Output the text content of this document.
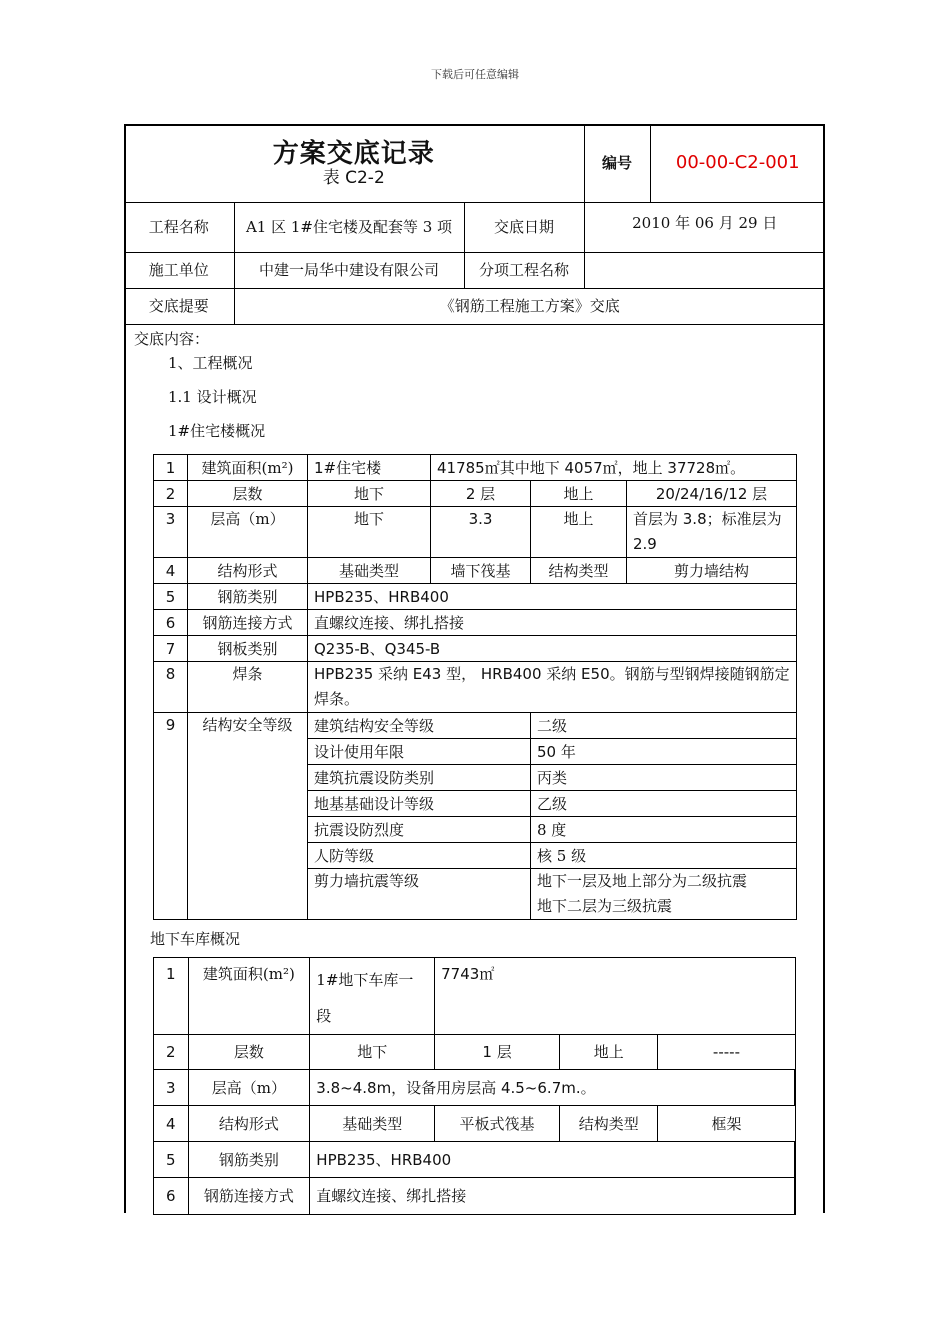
下载后可任意编辑
方案交底记录
表 C2-2			编号	00-00-C2-001
工程名称	A1 区 1#住宅楼及配套等 3 项	交底日期	2010 年 06 月 29 日	
施工单位	中建一局华中建设有限公司	分项工程名称		
交底提要	《钢筋工程施工方案》交底			
交底内容：
1、工程概况
1.1 设计概况
1#住宅楼概况
1	建筑面积(m²)	1#住宅楼	41785㎡其中地下 4057㎡，地上 37728㎡。		
2	层数	地下	2 层	地上	20/24/16/12 层
3	层高（m）	地下	3.3	地上	首层为 3.8；标准层为 2.9
4	结构形式	基础类型	墙下筏基	结构类型	剪力墙结构
5	钢筋类别	HPB235、HRB400			
6	钢筋连接方式	直螺纹连接、绑扎搭接			
7	钢板类别	Q235-B、Q345-B			
8	焊条	HPB235 采纳 E43 型， HRB400 采纳 E50。钢筋与型钢焊接随钢筋定焊条。			
9	结构安全等级	建筑结构安全等级		二级	
		设计使用年限		50 年	
		建筑抗震设防类别		丙类	
		地基基础设计等级		乙级	
		抗震设防烈度		8 度	
		人防等级		核 5 级	
		剪力墙抗震等级		地下一层及地上部分为二级抗震
地下二层为三级抗震	
地下车库概况
1	建筑面积(m²)	1#地下车库一段	7743㎡		
2	层数	地下	1 层	地上	-----
3	层高（m）	3.8~4.8m，设备用房层高 4.5~6.7m.。			
4	结构形式	基础类型	平板式筏基	结构类型	框架
5	钢筋类别	HPB235、HRB400			
6	钢筋连接方式	直螺纹连接、绑扎搭接			
